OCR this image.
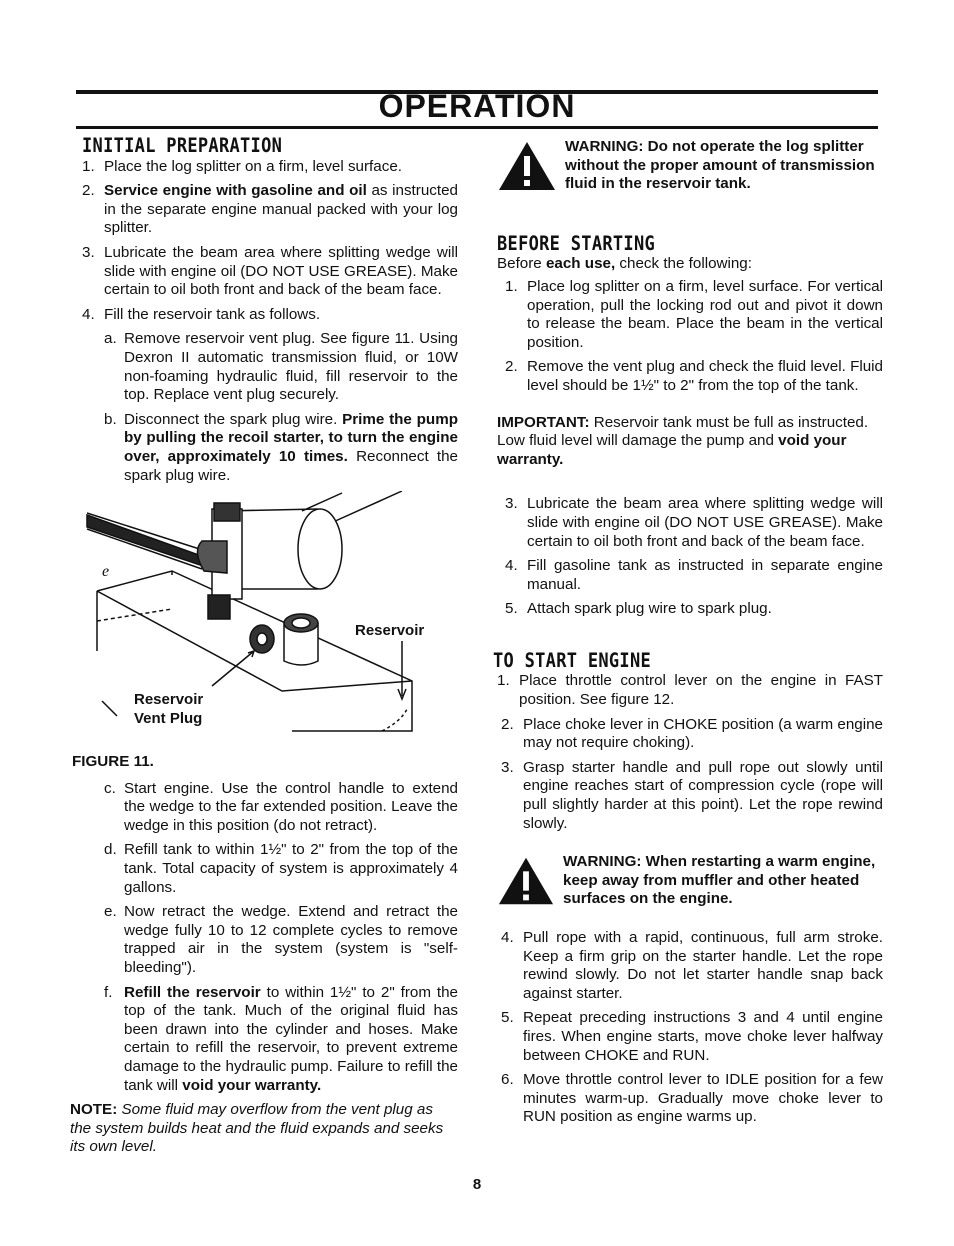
OPERATION
INITIAL PREPARATION
1. Place the log splitter on a firm, level surface.
2. Service engine with gasoline and oil as instructed in the separate engine manual packed with your log splitter.
3. Lubricate the beam area where splitting wedge will slide with engine oil (DO NOT USE GREASE). Make certain to oil both front and back of the beam face.
4. Fill the reservoir tank as follows.
a. Remove reservoir vent plug. See figure 11. Using Dexron II automatic transmission fluid, or 10W non-foaming hydraulic fluid, fill reservoir to the top. Replace vent plug securely.
b. Disconnect the spark plug wire. Prime the pump by pulling the recoil starter, to turn the engine over, approximately 10 times. Reconnect the spark plug wire.
e
Reservoir
Reservoir
Vent Plug

FIGURE 11.

c. Start engine. Use the control handle to extend the wedge to the far extended position. Leave the wedge in this position (do not retract).
d. Refill tank to within 1½" to 2" from the top of the tank. Total capacity of system is approximately 4 gallons.
e. Now retract the wedge. Extend and retract the wedge fully 10 to 12 complete cycles to remove trapped air in the system (system is "self-bleeding").
f. Refill the reservoir to within 1½" to 2" from the top of the tank. Much of the original fluid has been drawn into the cylinder and hoses. Make certain to refill the reservoir, to prevent extreme damage to the hydraulic pump. Failure to refill the tank will void your warranty.

NOTE: Some fluid may overflow from the vent plug as the system builds heat and the fluid expands and seeks its own level.

WARNING: Do not operate the log splitter without the proper amount of transmission fluid in the reservoir tank.
BEFORE STARTING

Before each use, check the following:

1. Place log splitter on a firm, level surface. For vertical operation, pull the locking rod out and pivot it down to release the beam. Place the beam in the vertical position.
2. Remove the vent plug and check the fluid level. Fluid level should be 1½" to 2" from the top of the tank.

IMPORTANT: Reservoir tank must be full as instructed. Low fluid level will damage the pump and void your warranty.

3. Lubricate the beam area where splitting wedge will slide with engine oil (DO NOT USE GREASE). Make certain to oil both front and back of the beam face.
4. Fill gasoline tank as instructed in separate engine manual.
5. Attach spark plug wire to spark plug.
TO START ENGINE
1. Place throttle control lever on the engine in FAST position. See figure 12.
2. Place choke lever in CHOKE position (a warm engine may not require choking).
3. Grasp starter handle and pull rope out slowly until engine reaches start of compression cycle (rope will pull slightly harder at this point). Let the rope rewind slowly.
WARNING: When restarting a warm engine, keep away from muffler and other heated surfaces on the engine.
4. Pull rope with a rapid, continuous, full arm stroke. Keep a firm grip on the starter handle. Let the rope rewind slowly. Do not let starter handle snap back against starter.
5. Repeat preceding instructions 3 and 4 until engine fires. When engine starts, move choke lever halfway between CHOKE and RUN.
6. Move throttle control lever to IDLE position for a few minutes warm-up. Gradually move choke lever to RUN position as engine warms up.
8
